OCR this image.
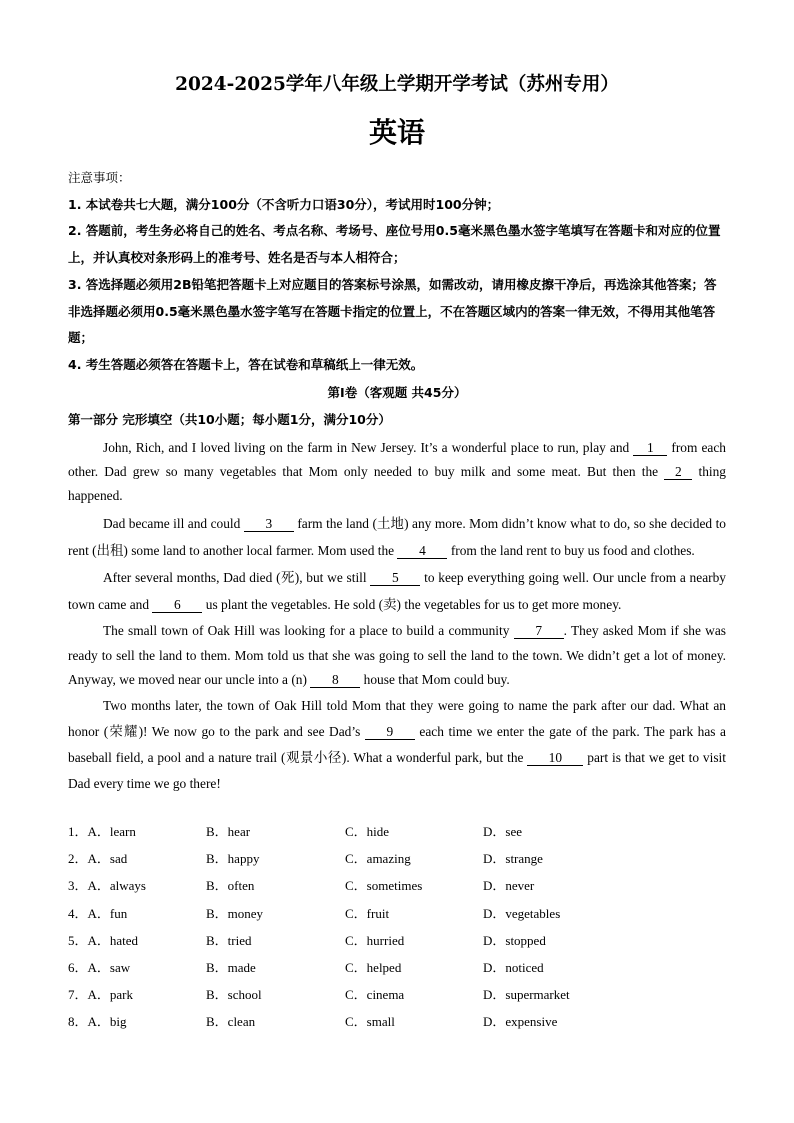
2024-2025学年八年级上学期开学考试（苏州专用）
英语

注意事项：

1. 本试卷共七大题，满分100分（不含听力口语30分），考试用时100分钟；

2. 答题前，考生务必将自己的姓名、考点名称、考场号、座位号用0.5毫米黑色墨水签字笔填写在答题卡和对应的位置上，并认真校对条形码上的准考号、姓名是否与本人相符合；

3. 答选择题必须用2B铅笔把答题卡上对应题目的答案标号涂黑，如需改动，请用橡皮擦干净后，再选涂其他答案；答非选择题必须用0.5毫米黑色墨水签字笔写在答题卡指定的位置上，不在答题区域内的答案一律无效，不得用其他笔答题；

4. 考生答题必须答在答题卡上，答在试卷和草稿纸上一律无效。

第I卷（客观题 共45分）
第一部分 完形填空（共10小题；每小题1分，满分10分）

John, Rich, and I loved living on the farm in New Jersey. It’s a wonderful place to run, play and 1 from each other. Dad grew so many vegetables that Mom only needed to buy milk and some meat. But then the 2 thing happened.

Dad became ill and could 3 farm the land (土地) any more. Mom didn’t know what to do, so she decided to rent (出租) some land to another local farmer. Mom used the 4 from the land rent to buy us food and clothes.

After several months, Dad died (死), but we still 5 to keep everything going well. Our uncle from a nearby town came and 6 us plant the vegetables. He sold (卖) the vegetables for us to get more money.

The small town of Oak Hill was looking for a place to build a community 7 . They asked Mom if she was ready to sell the land to them. Mom told us that she was going to sell the land to the town. We didn’t get a lot of money. Anyway, we moved near our uncle into a (n) 8 house that Mom could buy.

Two months later, the town of Oak Hill told Mom that they were going to name the park after our dad. What an honor (荣耀)! We now go to the park and see Dad’s 9 each time we enter the gate of the park. The park has a baseball field, a pool and a nature trail (观景小径). What a wonderful park, but the 10 part is that we get to visit Dad every time we go there!

1．A．learn	B．hear	C．hide	D．see
2．A．sad	B．happy	C．amazing	D．strange
3．A．always	B．often	C．sometimes	D．never
4．A．fun	B．money	C．fruit	D．vegetables
5．A．hated	B．tried	C．hurried	D．stopped
6．A．saw	B．made	C．helped	D．noticed
7．A．park	B．school	C．cinema	D．supermarket
8．A．big	B．clean	C．small	D．expensive
